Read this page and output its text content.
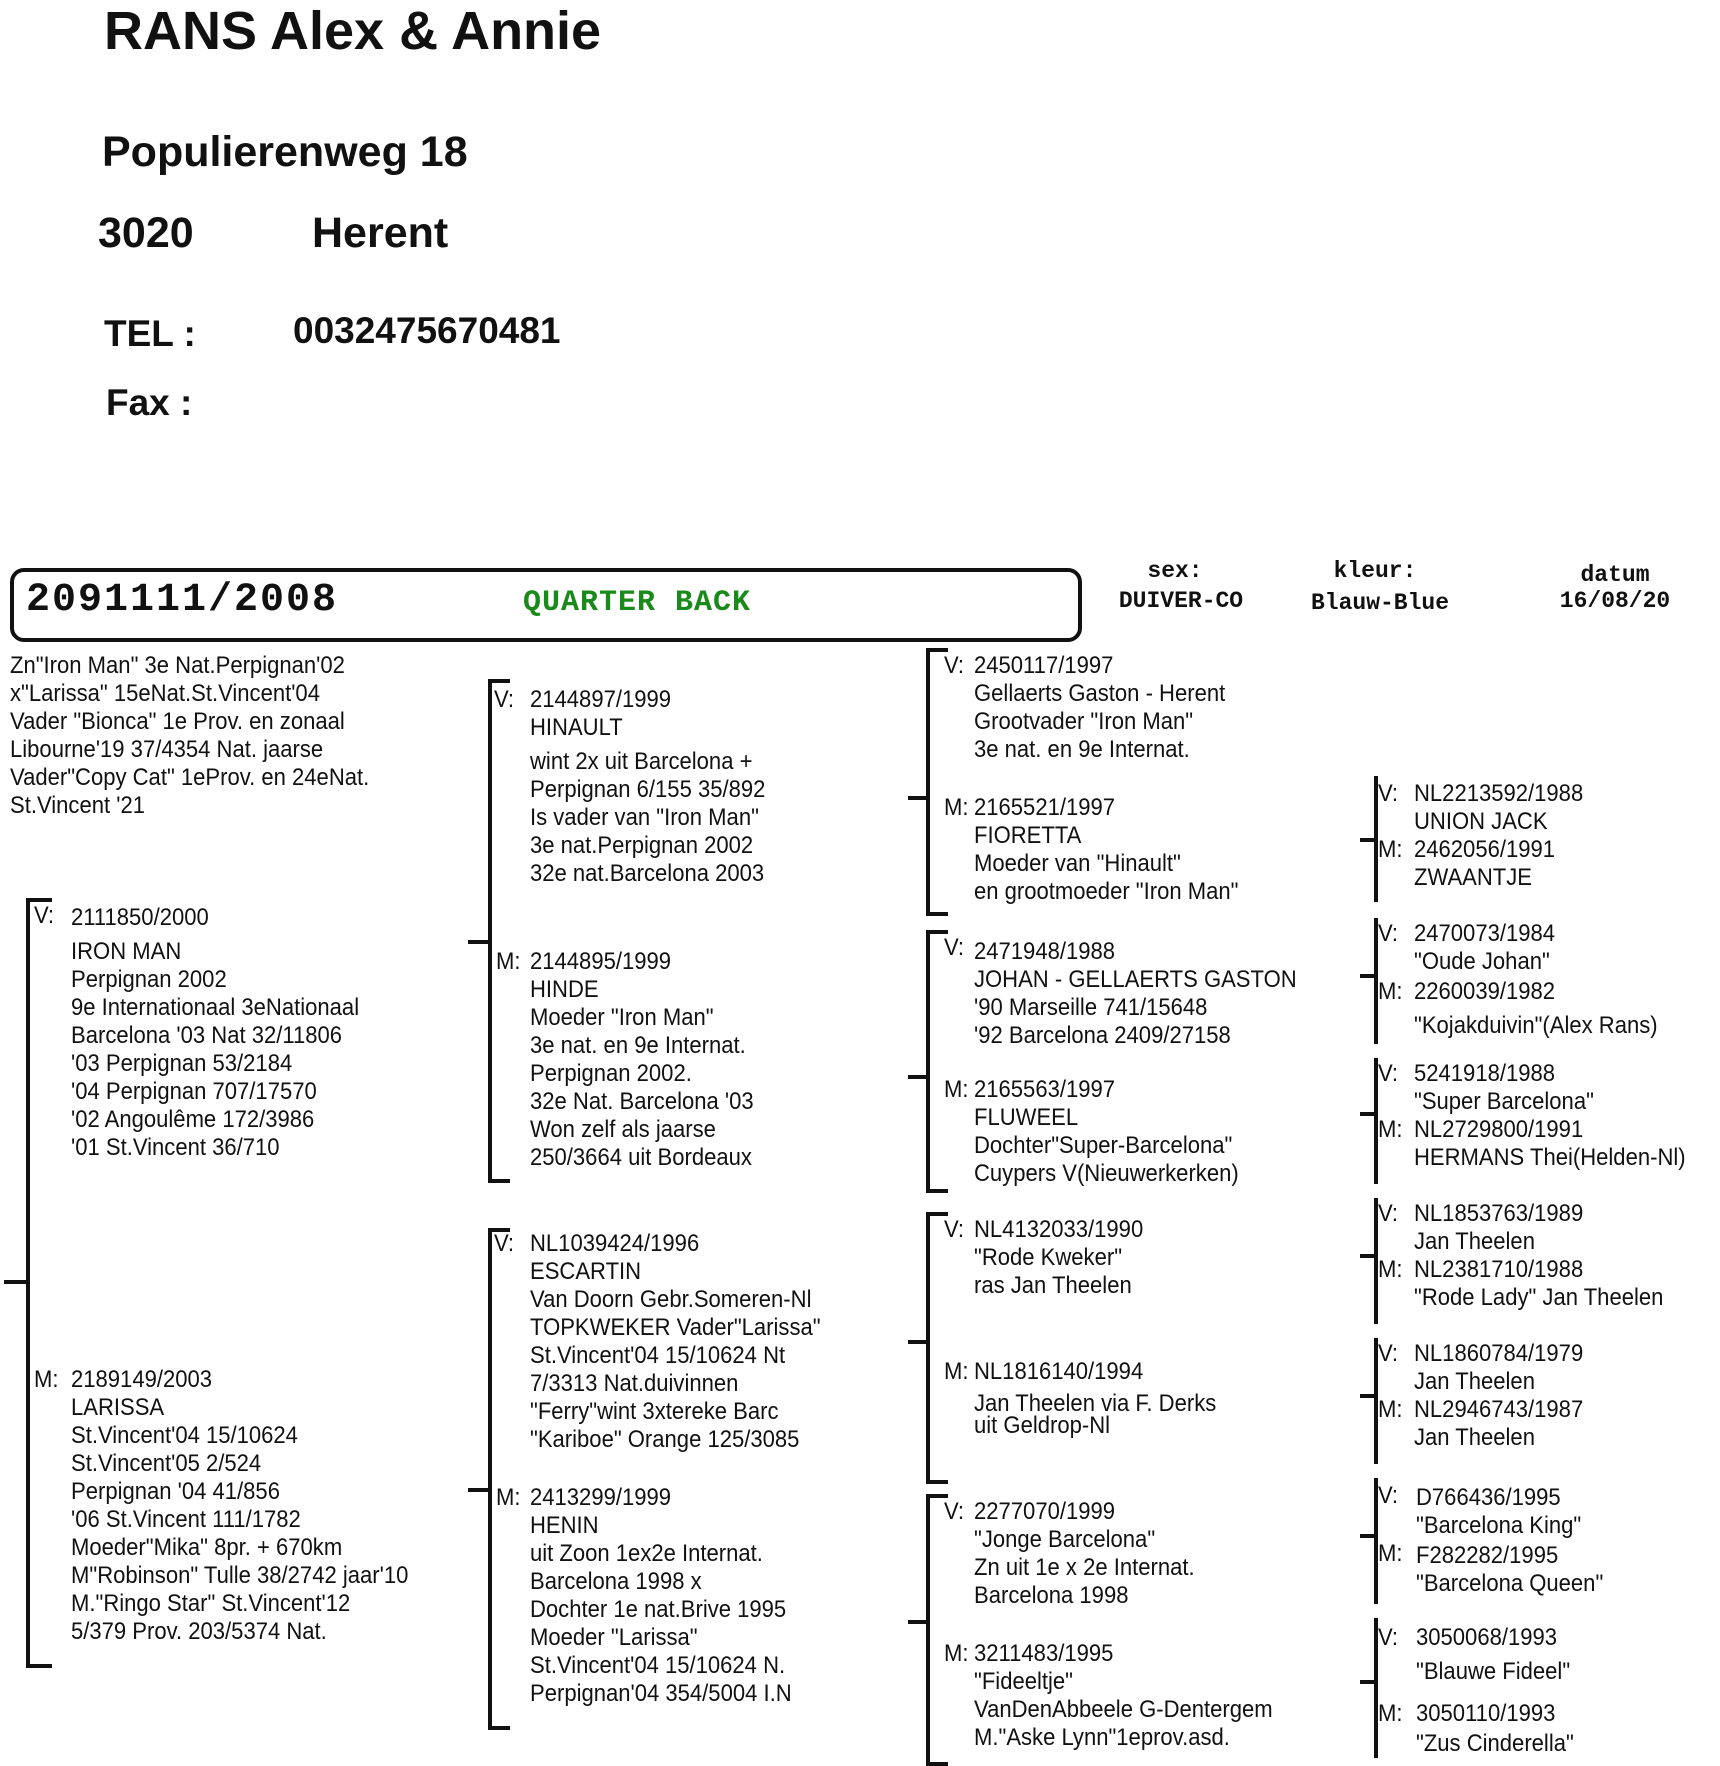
RANS Alex & Annie
Populierenweg 18
3020	Herent
TEL :	0032475670481
Fax :
2091111/2008	QUARTER BACK
sex:
DUIVER-CO
kleur:
Blauw-Blue
datum
16/08/20
Zn"Iron Man" 3e Nat.Perpignan'02
x"Larissa" 15eNat.St.Vincent'04
Vader "Bionca" 1e Prov. en zonaal
Libourne'19 37/4354 Nat. jaarse
Vader"Copy Cat" 1eProv. en 24eNat.
St.Vincent '21
V: 2111850/2000
IRON MAN
Perpignan 2002
9e Internationaal 3eNationaal
Barcelona '03 Nat 32/11806
'03 Perpignan 53/2184
'04 Perpignan 707/17570
'02 Angoulême 172/3986
'01 St.Vincent 36/710
M: 2189149/2003
LARISSA
St.Vincent'04 15/10624
St.Vincent'05 2/524
Perpignan '04 41/856
'06 St.Vincent 111/1782
Moeder"Mika" 8pr. + 670km
M"Robinson" Tulle 38/2742 jaar'10
M."Ringo Star" St.Vincent'12
5/379 Prov. 203/5374 Nat.
V: 2144897/1999
HINAULT
wint 2x uit Barcelona +
Perpignan 6/155 35/892
Is vader van "Iron Man"
3e nat.Perpignan 2002
32e nat.Barcelona 2003
M: 2144895/1999
HINDE
Moeder "Iron Man"
3e nat. en 9e Internat.
Perpignan 2002.
32e Nat. Barcelona '03
Won zelf als jaarse
250/3664 uit Bordeaux
V: NL1039424/1996
ESCARTIN
Van Doorn Gebr.Someren-Nl
TOPKWEKER Vader"Larissa"
St.Vincent'04 15/10624 Nt
7/3313 Nat.duivinnen
"Ferry"wint 3xtereke Barc
"Kariboe" Orange 125/3085
M: 2413299/1999
HENIN
uit Zoon 1ex2e Internat.
Barcelona 1998 x
Dochter 1e nat.Brive 1995
Moeder "Larissa"
St.Vincent'04 15/10624 N.
Perpignan'04 354/5004 I.N
V: 2450117/1997
Gellaerts Gaston - Herent
Grootvader "Iron Man"
3e nat. en 9e Internat.
M: 2165521/1997
FIORETTA
Moeder van "Hinault"
en grootmoeder "Iron Man"
V: 2471948/1988
JOHAN - GELLAERTS GASTON
'90 Marseille 741/15648
'92 Barcelona 2409/27158
M: 2165563/1997
FLUWEEL
Dochter"Super-Barcelona"
Cuypers V(Nieuwerkerken)
V: NL4132033/1990
"Rode Kweker"
ras Jan Theelen
M: NL1816140/1994
Jan Theelen via F. Derks
uit Geldrop-Nl
V: 2277070/1999
"Jonge Barcelona"
Zn uit 1e x 2e Internat.
Barcelona 1998
M: 3211483/1995
"Fideeltje"
VanDenAbbeele G-Dentergem
M."Aske Lynn"1eprov.asd.
V: NL2213592/1988
UNION JACK
M: 2462056/1991
ZWAANTJE
V: 2470073/1984
"Oude Johan"
M: 2260039/1982
"Kojakduivin"(Alex Rans)
V: 5241918/1988
"Super Barcelona"
M: NL2729800/1991
HERMANS Thei(Helden-Nl)
V: NL1853763/1989
Jan Theelen
M: NL2381710/1988
"Rode Lady" Jan Theelen
V: NL1860784/1979
Jan Theelen
M: NL2946743/1987
Jan Theelen
V: D766436/1995
"Barcelona King"
M: F282282/1995
"Barcelona Queen"
V: 3050068/1993
"Blauwe Fideel"
M: 3050110/1993
"Zus Cinderella"
